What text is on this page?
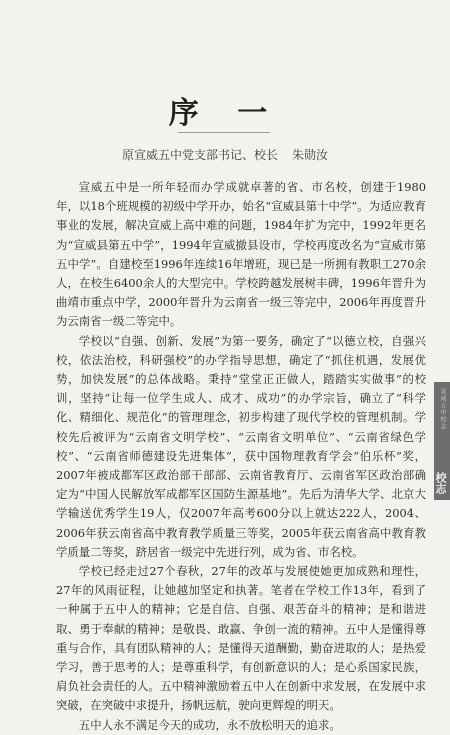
序 一
原宣威五中党支部书记、校长 朱勋汝

宣威五中是一所年轻而办学成就卓著的省、市名校，创建于1980年，以18个班规模的初级中学开办，始名“宣威县第十中学”。为适应教育事业的发展，解决宣威上高中难的问题，1984年扩为完中，1992年更名为“宣威县第五中学”，1994年宣威撤县设市，学校再度改名为“宣威市第五中学”。自建校至1996年连续16年增班，现已是一所拥有教职工270余人，在校生6400余人的大型完中。学校跨越发展树丰碑，1996年晋升为曲靖市重点中学，2000年晋升为云南省一级三等完中，2006年再度晋升为云南省一级二等完中。

学校以“自强、创新、发展”为第一要务，确定了“以德立校，自强兴校，依法治校，科研强校”的办学指导思想，确定了“抓住机遇，发展优势，加快发展”的总体战略。秉持“堂堂正正做人，踏踏实实做事”的校训，坚持“让每一位学生成人、成才、成功”的办学宗旨，确立了“科学化、精细化、规范化”的管理理念，初步构建了现代学校的管理机制。学校先后被评为“云南省文明学校”、“云南省文明单位”、“云南省绿色学校”、“云南省师德建设先进集体”，获中国物理教育学会“伯乐杯”奖，2007年被成都军区政治部干部部、云南省教育厅、云南省军区政治部确定为“中国人民解放军成都军区国防生源基地”。先后为清华大学、北京大学输送优秀学生19人，仅2007年高考600分以上就达222人，2004、2006年获云南省高中教育教学质量三等奖，2005年获云南省高中教育教学质量二等奖，跻居省一级完中先进行列，成为省、市名校。

学校已经走过27个春秋，27年的改革与发展使她更加成熟和理性，27年的风雨征程，让她越加坚定和执著。笔者在学校工作13年，看到了一种属于五中人的精神；它是自信、自强、艰苦奋斗的精神；是和谐进取、勇于奉献的精神；是敬畏、敢赢、争创一流的精神。五中人是懂得尊重与合作，具有团队精神的人；是懂得天道酬勤，勤奋进取的人；是热爱学习，善于思考的人；是尊重科学，有创新意识的人；是心系国家民族，肩负社会责任的人。五中精神激励着五中人在创新中求发展，在发展中求突破，在突破中求提升，扬帆远航，驶向更辉煌的明天。

五中人永不满足今天的成功，永不放松明天的追求。

宣威五中校志
校志
